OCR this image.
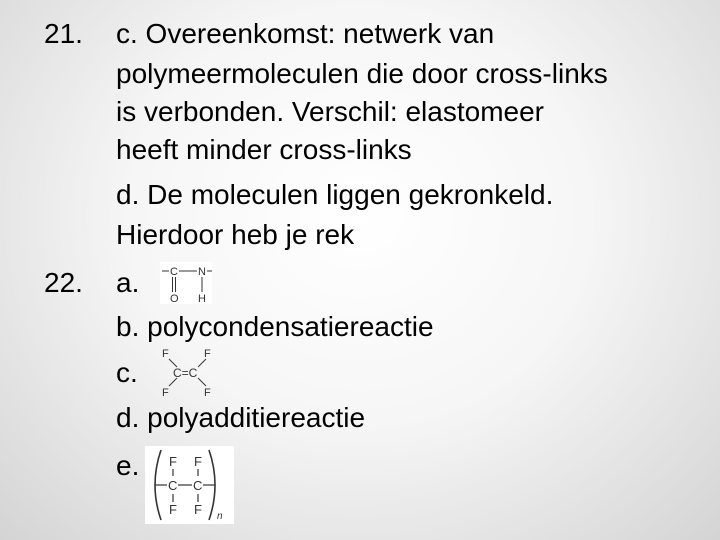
21. c. Overeenkomst: netwerk van
polymeermoleculen die door cross-links
is verbonden. Verschil: elastomeer
heeft minder cross-links
d. De moleculen liggen gekronkeld.
Hierdoor heb je rek
22. a.	C N
O H
b. polycondensatiereactie
c.
F	F
C=C
F	F
d. polyadditiereactie
e. F F
C C
F F n
